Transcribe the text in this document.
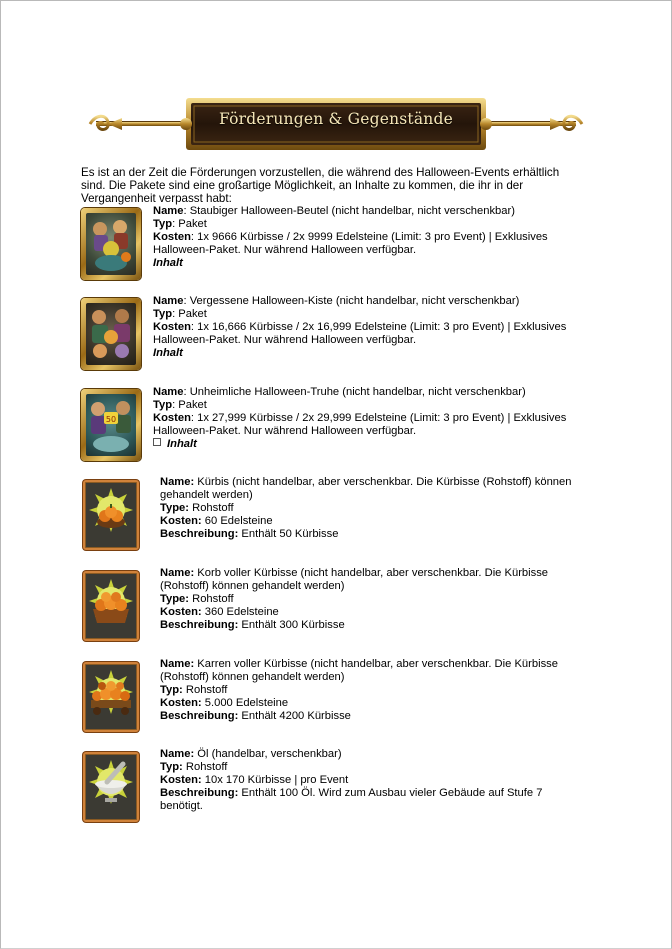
Förderungen & Gegenstände
Es ist an der Zeit die Förderungen vorzustellen, die während des Halloween-Events erhältlich sind. Die Pakete sind eine großartige Möglichkeit, an Inhalte zu kommen, die ihr in der Vergangenheit verpasst habt:
Name: Staubiger Halloween-Beutel (nicht handelbar, nicht verschenkbar)
Typ: Paket
Kosten: 1x 9666 Kürbisse / 2x 9999 Edelsteine (Limit: 3 pro Event) | Exklusives Halloween-Paket. Nur während Halloween verfügbar.
Inhalt
Name: Vergessene Halloween-Kiste (nicht handelbar, nicht verschenkbar)
Typ: Paket
Kosten: 1x 16,666 Kürbisse / 2x 16,999 Edelsteine (Limit: 3 pro Event) | Exklusives Halloween-Paket. Nur während Halloween verfügbar.
Inhalt
50
Name: Unheimliche Halloween-Truhe (nicht handelbar, nicht verschenkbar)
Typ: Paket
Kosten: 1x 27,999 Kürbisse / 2x 29,999 Edelsteine (Limit: 3 pro Event) | Exklusives Halloween-Paket. Nur während Halloween verfügbar.
Inhalt
Name: Kürbis (nicht handelbar, aber verschenkbar. Die Kürbisse (Rohstoff) können gehandelt werden)
Type: Rohstoff
Kosten: 60 Edelsteine
Beschreibung: Enthält 50 Kürbisse
Name: Korb voller Kürbisse (nicht handelbar, aber verschenkbar. Die Kürbisse (Rohstoff) können gehandelt werden)
Type: Rohstoff
Kosten: 360 Edelsteine
Beschreibung: Enthält 300 Kürbisse
Name: Karren voller Kürbisse (nicht handelbar, aber verschenkbar. Die Kürbisse (Rohstoff) können gehandelt werden)
Typ: Rohstoff
Kosten: 5.000 Edelsteine
Beschreibung: Enthält 4200 Kürbisse
Name: Öl (handelbar, verschenkbar)
Typ: Rohstoff
Kosten: 10x 170 Kürbisse | pro Event
Beschreibung: Enthält 100 Öl. Wird zum Ausbau vieler Gebäude auf Stufe 7 benötigt.
